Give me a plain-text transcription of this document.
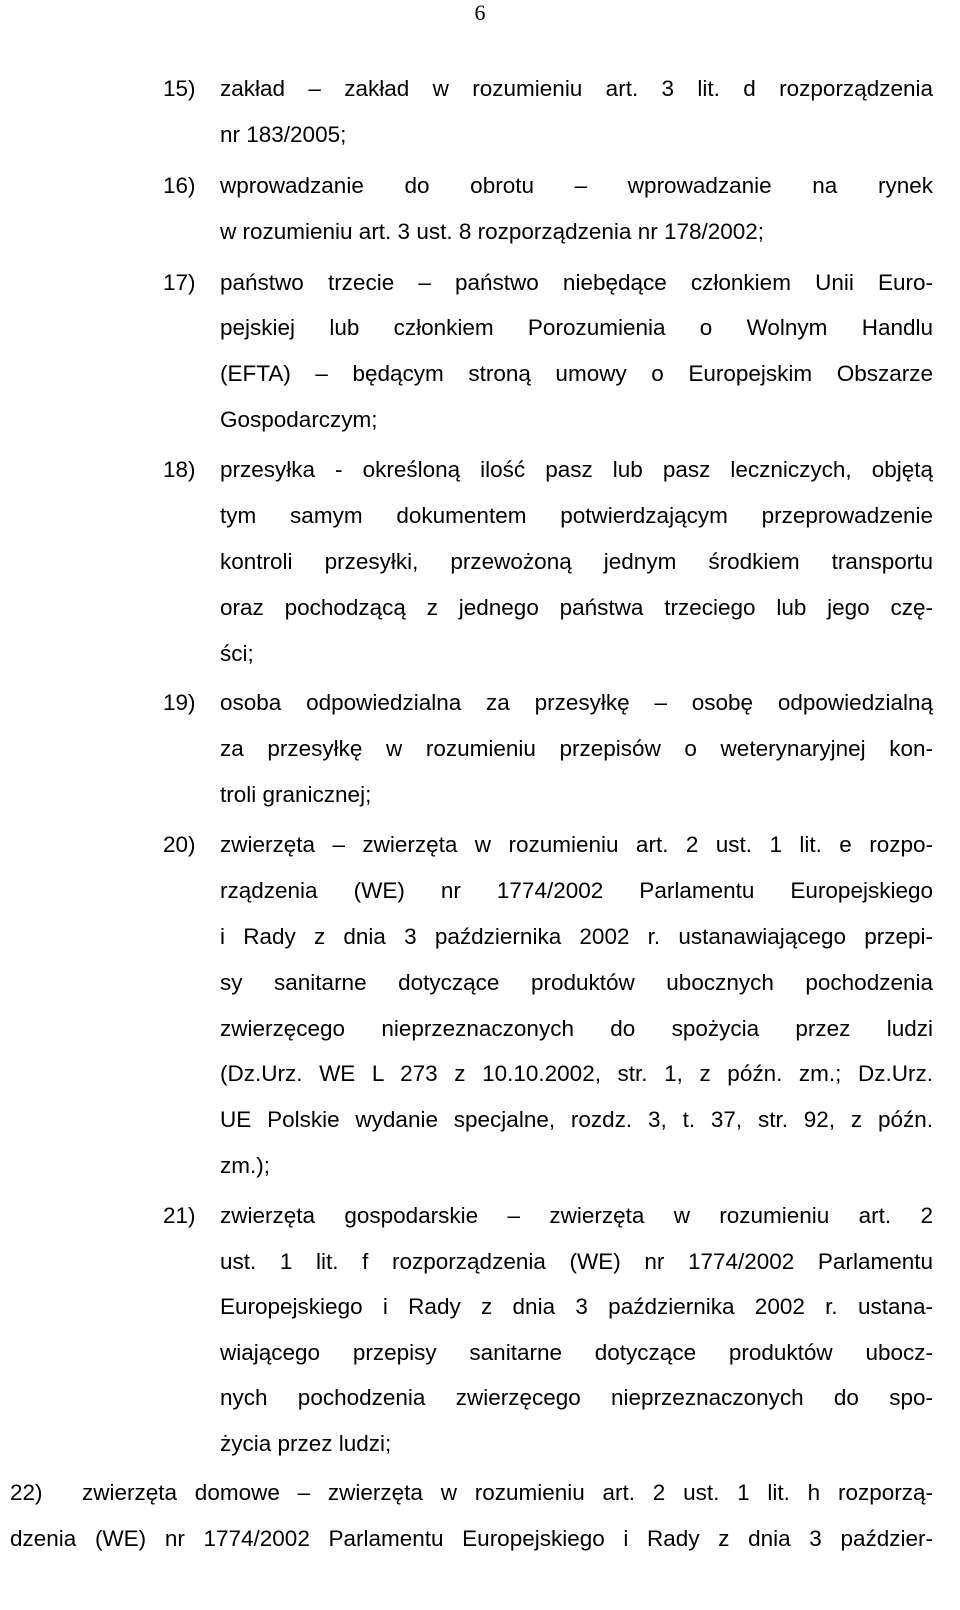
6
15) zakład – zakład w rozumieniu art. 3 lit. d rozporządzenia
nr 183/2005;
16) wprowadzanie do obrotu – wprowadzanie na rynek
w rozumieniu art. 3 ust. 8 rozporządzenia nr 178/2002;
17) państwo trzecie – państwo niebędące członkiem Unii Euro-
pejskiej lub członkiem Porozumienia o Wolnym Handlu
(EFTA) – będącym stroną umowy o Europejskim Obszarze
Gospodarczym;
18) przesyłka - określoną ilość pasz lub pasz leczniczych, objętą
tym samym dokumentem potwierdzającym przeprowadzenie
kontroli przesyłki, przewożoną jednym środkiem transportu
oraz pochodzącą z jednego państwa trzeciego lub jego czę-
ści;
19) osoba odpowiedzialna za przesyłkę – osobę odpowiedzialną
za przesyłkę w rozumieniu przepisów o weterynaryjnej kon-
troli granicznej;
20) zwierzęta – zwierzęta w rozumieniu art. 2 ust. 1 lit. e rozpo-
rządzenia (WE) nr 1774/2002 Parlamentu Europejskiego
i Rady z dnia 3 października 2002 r. ustanawiającego przepi-
sy sanitarne dotyczące produktów ubocznych pochodzenia
zwierzęcego nieprzeznaczonych do spożycia przez ludzi
(Dz.Urz. WE L 273 z 10.10.2002, str. 1, z późn. zm.; Dz.Urz.
UE Polskie wydanie specjalne, rozdz. 3, t. 37, str. 92, z późn.
zm.);
21) zwierzęta gospodarskie – zwierzęta w rozumieniu art. 2
ust. 1 lit. f rozporządzenia (WE) nr 1774/2002 Parlamentu
Europejskiego i Rady z dnia 3 października 2002 r. ustana-
wiającego przepisy sanitarne dotyczące produktów ubocz-
nych pochodzenia zwierzęcego nieprzeznaczonych do spo-
życia przez ludzi;
22) zwierzęta domowe – zwierzęta w rozumieniu art. 2 ust. 1 lit. h rozporzą-
dzenia (WE) nr 1774/2002 Parlamentu Europejskiego i Rady z dnia 3 paździer-
